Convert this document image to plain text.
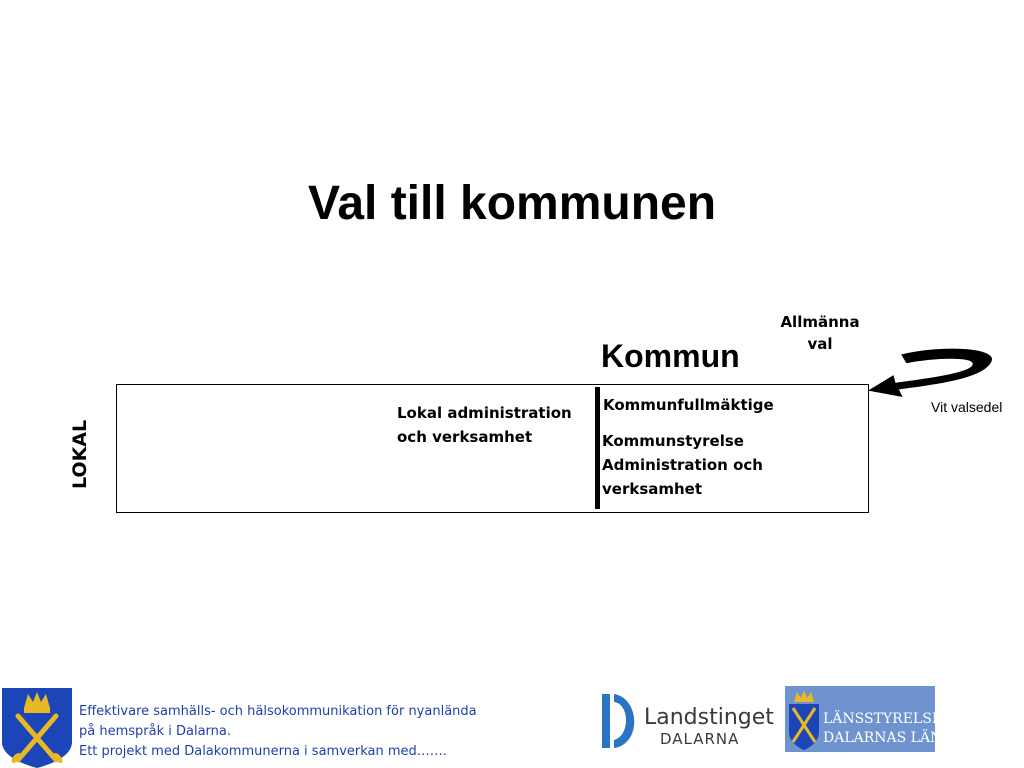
Val till kommunen
Allmänna
val
Kommun
Vit valsedel
Lokal administration
och verksamhet
Kommunfullmäktige
Kommunstyrelse
Administration och
verksamhet
LOKAL
Effektivare samhälls- och hälsokommunikation för nyanlända
på hemspråk i Dalarna.
Ett projekt med Dalakommunerna i samverkan med…….
Landstinget
DALARNA
LÄNSSTYRELSEN
DALARNAS LÄN
